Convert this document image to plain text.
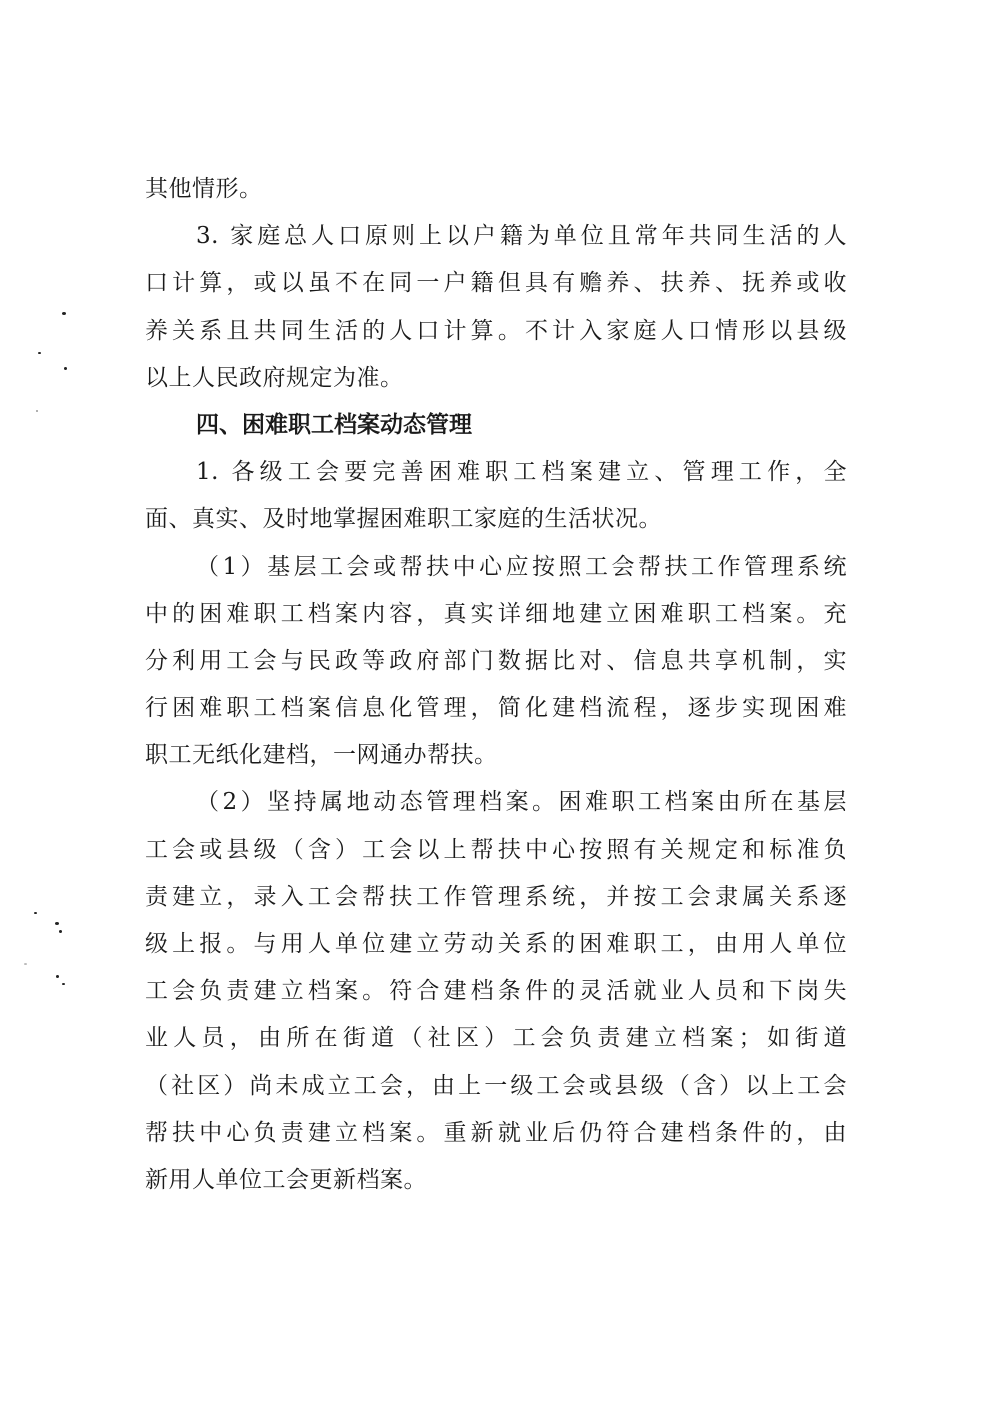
其他情形。
3. 家庭总人口原则上以户籍为单位且常年共同生活的人
口计算，或以虽不在同一户籍但具有赡养、扶养、抚养或收
养关系且共同生活的人口计算。不计入家庭人口情形以县级
以上人民政府规定为准。
四、困难职工档案动态管理
1. 各级工会要完善困难职工档案建立、管理工作，全
面、真实、及时地掌握困难职工家庭的生活状况。
（1）基层工会或帮扶中心应按照工会帮扶工作管理系统
中的困难职工档案内容，真实详细地建立困难职工档案。充
分利用工会与民政等政府部门数据比对、信息共享机制，实
行困难职工档案信息化管理，简化建档流程，逐步实现困难
职工无纸化建档，一网通办帮扶。
（2）坚持属地动态管理档案。困难职工档案由所在基层
工会或县级（含）工会以上帮扶中心按照有关规定和标准负
责建立，录入工会帮扶工作管理系统，并按工会隶属关系逐
级上报。与用人单位建立劳动关系的困难职工，由用人单位
工会负责建立档案。符合建档条件的灵活就业人员和下岗失
业人员，由所在街道（社区）工会负责建立档案；如街道
（社区）尚未成立工会，由上一级工会或县级（含）以上工会
帮扶中心负责建立档案。重新就业后仍符合建档条件的，由
新用人单位工会更新档案。
